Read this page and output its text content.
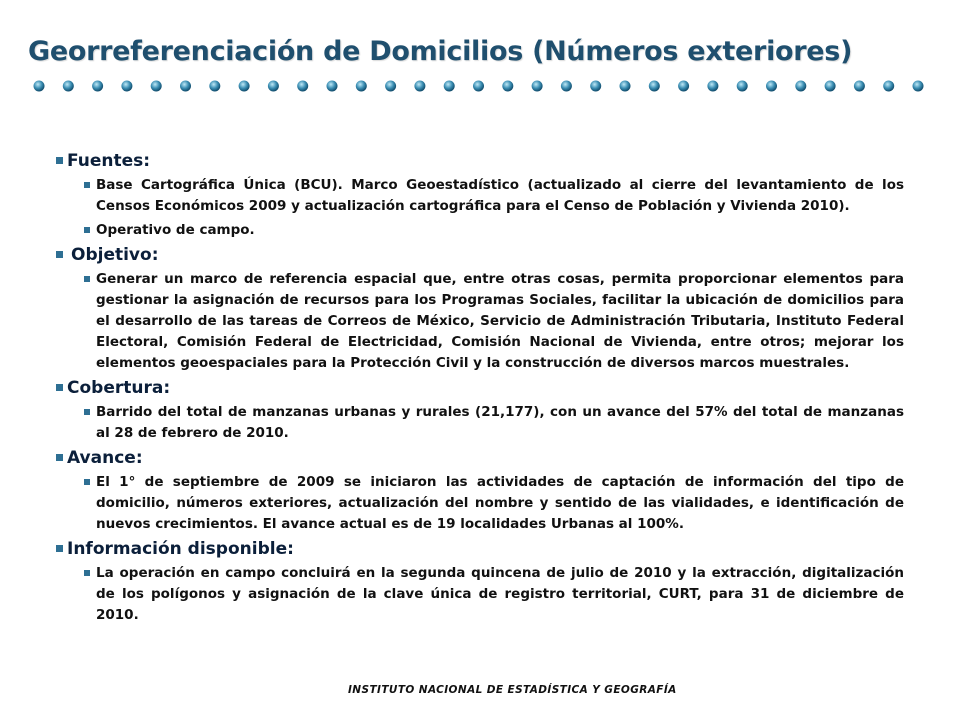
Georreferenciación de Domicilios (Números exteriores)
Fuentes:
Base Cartográfica Única (BCU). Marco Geoestadístico (actualizado al cierre del levantamiento de los Censos Económicos 2009 y actualización cartográfica para el Censo de Población y Vivienda 2010).
Operativo de campo.
Objetivo:
Generar un marco de referencia espacial que, entre otras cosas, permita proporcionar elementos para gestionar la asignación de recursos para los Programas Sociales, facilitar la ubicación de domicilios para el desarrollo de las tareas de Correos de México, Servicio de Administración Tributaria, Instituto Federal Electoral, Comisión Federal de Electricidad, Comisión Nacional de Vivienda, entre otros; mejorar los elementos geoespaciales para la Protección Civil y la construcción de diversos marcos muestrales.
Cobertura:
Barrido del total de manzanas urbanas y rurales (21,177), con un avance del 57% del total de manzanas al 28 de febrero de 2010.
Avance:
El 1° de septiembre de 2009 se iniciaron las actividades de captación de información del tipo de domicilio, números exteriores, actualización del nombre y sentido de las vialidades, e identificación de nuevos crecimientos. El avance actual es de 19 localidades Urbanas al 100%.
Información disponible:
La operación en campo concluirá en la segunda quincena de julio de 2010 y la extracción, digitalización de los polígonos y asignación de la clave única de registro territorial, CURT, para 31 de diciembre de 2010.
INSTITUTO NACIONAL DE ESTADÍSTICA Y GEOGRAFÍA
